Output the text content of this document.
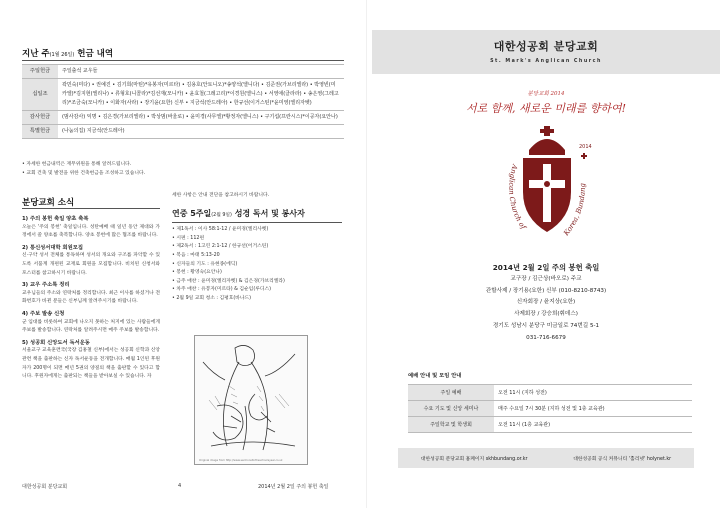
지난 주(1월 26일) 헌금 내역
주일헌금	주일출석 교우들
십일조	곽민숙(미다) • 권예진 • 김기희(마틴)*유봉자(미르타) • 김용호(안토니오)*송양석(엘니다) • 김준권(가브리엘라) • 박영빈(미카엘)*김지현(엘리나) • 류형호(니콜라)*김선재(모니카) • 윤효철(그레고리)*이경원(엘니스) • 서영애(클라라) • 송은영(그레고리)*조금숙(모니카) • 이화자(사라) • 장기윤(요한) 신부 • 지금석(안드레아) • 한규선(이거스틴)*윤미영(엘리자벳)
감사헌금	(범사감사) 익명 • 김은경(가브리엘라) • 박상범(바울로) • 윤미경(사무엘)*황정자(엘니스) • 구기섭(프란시스)*이공자(요안나)
특별헌금	(나눔의집) 지금석(안드레아)
• 자세한 헌금내역은 재무위원을 통해 알려드립니다.
• 교회 건축 및 발전을 위한 건축헌금을 조성하고 있습니다.
분당교회 소식
1) 주의 봉헌 축일 양초 축복

오늘은 '주의 봉헌' 축일입니다. 성탄예배 때 일년 동안 제대와 가정에서 쓸 양초를 축복합니다. 양초 봉헌에 많은 협조를 바랍니다.

2) 통신성서대학 회원모집

신·구약 성서 전체를 통독하며 성서의 개요와 구조를 파악할 수 있도록 서품계 개편된 교재로 회원을 모집합니다. 비치된 신청서와 포스터를 참고하시기 바랍니다.

3) 교우 주소록 정리

교우님들의 주소와 연락처를 정리합니다. 최근 이사를 하셨거나 전화번호가 바뀐 분들은 신부님께 알려주시기를 바랍니다.

4) 주보 발송 신청

군 입대를 비롯하여 교회에 나오지 못하는 처지에 있는 사람들에게 주보를 발송합니다. 연락처를 알려주시면 매주 주보를 발송합니다.

5) 성공회 신앙도서 독서운동

서울교구 교육훈련국(국장 김홍철 신부)에서는 성공회 신학과 신앙 관련 책을 출판하는 신자 독서운동을 전개합니다. 매월 1인된 후원자가 200명이 되면 매년 5권의 양질의 책을 출판할 수 있다고 합니다. 후원자에게는 출판되는 책들을 받아보실 수 있습니다. 자

세한 사항은 안내 전단을 참고하시기 바랍니다.
연중 5주일(2월 9일) 성경 독서 및 봉사자
• 제1독서 : 이사 58:1-12 / 윤미경(엘리사벳)
• 시편 : 112편
• 제2독서 : 1고린 2:1-12 / 한규선(어거스틴)
• 복음 : 마태 5:13-20
• 신자들의 기도 : 유현종(에딕)
• 봉헌 : 황영숙(요안나)
• 금주 애찬 : 윤미경(엘리자벳) & 김은경(가브리엘라)
• 차주 애찬 : 유봉자(미르타) & 김순임(루디스)
• 2월 9일 교회 청소 : 김평호(바나드)
Original image from http://www.sermonsfortheschoolsyear.co.uk
대한성공회 분당교회	4	2014년 2월 2일 주의 봉헌 축일
대한성공회 분당교회
St. Mark's Anglican Church
분당교회 2014
서로 함께, 새로운 미래를 향하여!
Anglican Church of
Korea, Bundang
2014
2014년 2월 2일 주의 봉헌 축일
교구장 / 김근상(바오로) 주교
관할사제 / 장기용(요한) 신부 (010-8210-8743)
신자회장 / 윤지상(요한)
사제회장 / 강승희(휘데스)
경기도 성남시 분당구 미금일로 74번길 5-1
031-716-6679
예배 안내 및 모임 안내
주일 예배	오전 11시 (지하 성전)
수요 기도 및 신앙 세미나	매주 수요일 7시 30분 (지하 성전 및 1층 교육관)
주일학교 및 학생회	오전 11시 (1층 교육관)
대한성공회 분당교회 홈페이지 skhbundang.or.kr	대한성공회 공식 커뮤니티 '홀리넷' holynet.kr
